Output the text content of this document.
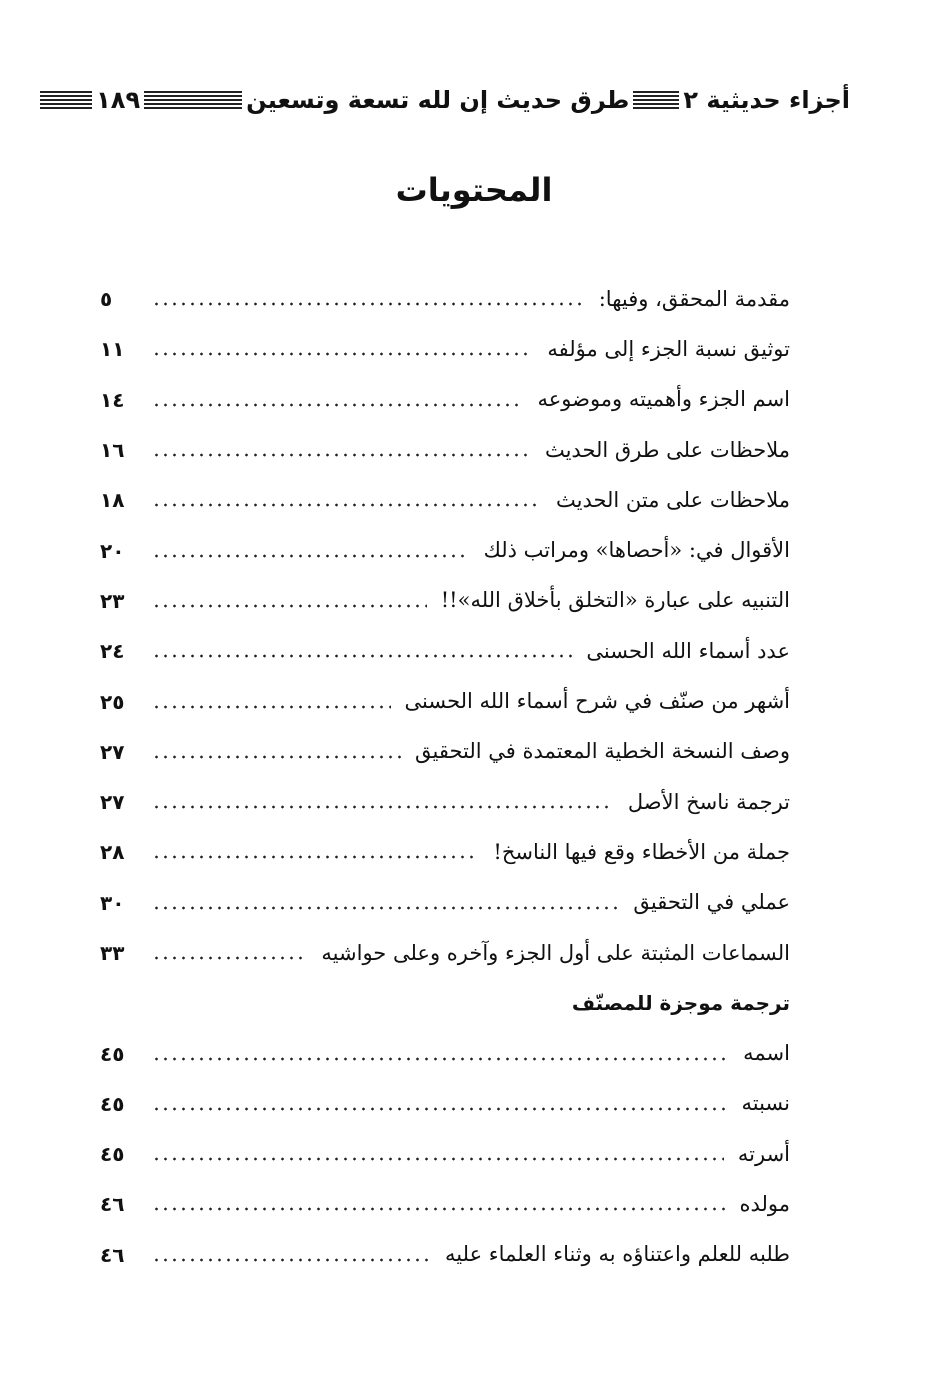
أجزاء حديثية ٢
طرق حديث إن لله تسعة وتسعين
١٨٩
المحتويات
مقدمة المحقق، وفيها:
٥
توثيق نسبة الجزء إلى مؤلفه
١١
اسم الجزء وأهميته وموضوعه
١٤
ملاحظات على طرق الحديث
١٦
ملاحظات على متن الحديث
١٨
الأقوال في: «أحصاها» ومراتب ذلك
٢٠
التنبيه على عبارة «التخلق بأخلاق الله»!!
٢٣
عدد أسماء الله الحسنى
٢٤
أشهر من صنّف في شرح أسماء الله الحسنى
٢٥
وصف النسخة الخطية المعتمدة في التحقيق
٢٧
ترجمة ناسخ الأصل
٢٧
جملة من الأخطاء وقع فيها الناسخ!
٢٨
عملي في التحقيق
٣٠
السماعات المثبتة على أول الجزء وآخره وعلى حواشيه
٣٣
ترجمة موجزة للمصنّف
اسمه
٤٥
نسبته
٤٥
أسرته
٤٥
مولده
٤٦
طلبه للعلم واعتناؤه به وثناء العلماء عليه
٤٦
